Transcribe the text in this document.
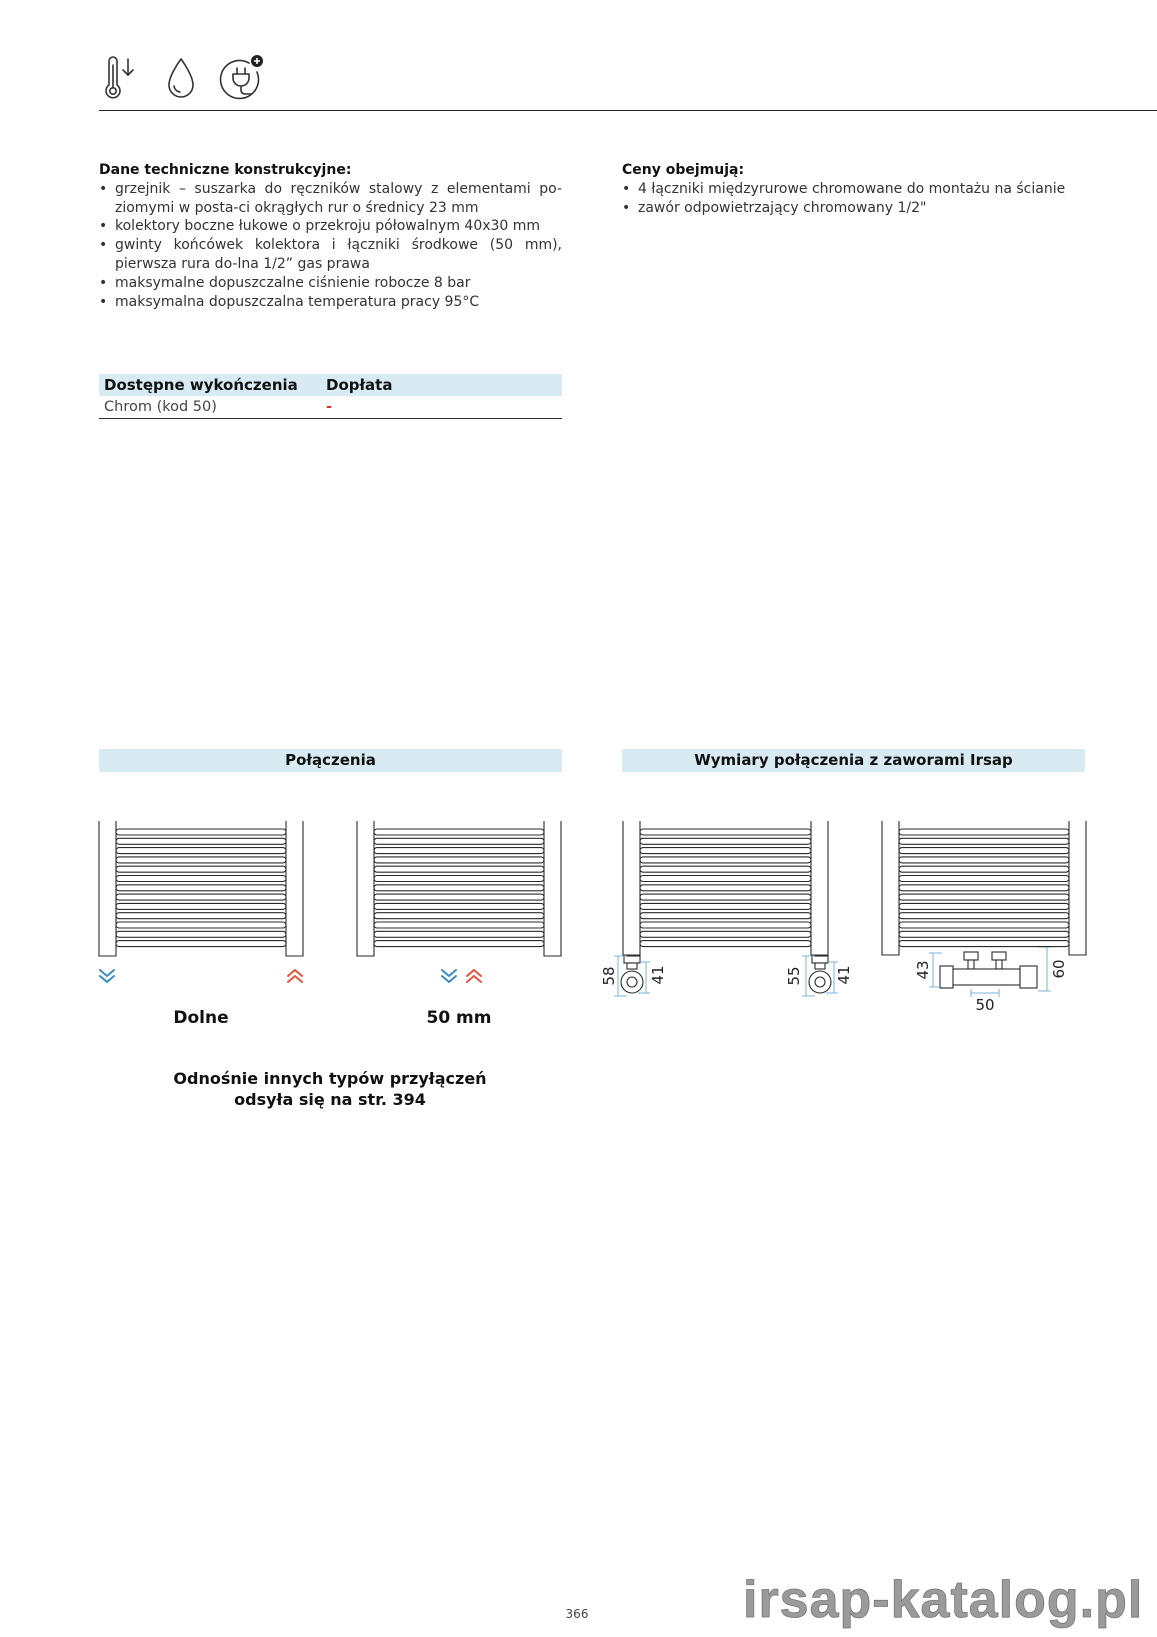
Dane techniczne konstrukcyjne:
• grzejnik – suszarka do ręczników stalowy z elementami po-
ziomymi w posta-ci okrągłych rur o średnicy 23 mm
• kolektory boczne łukowe o przekroju półowalnym 40x30 mm
• gwinty końcówek kolektora i łączniki środkowe (50 mm),
pierwsza rura do-lna 1/2” gas prawa
• maksymalne dopuszczalne ciśnienie robocze 8 bar
• maksymalna dopuszczalna temperatura pracy 95°C
Ceny obejmują:
• 4 łączniki międzyrurowe chromowane do montażu na ścianie
• zawór odpowietrzający chromowany 1/2"
Dostępne wykończenia	Dopłata
Chrom (kod 50)	-
Połączenia	Wymiary połączenia z zaworami Irsap
Dolne	50 mm
Odnośnie innych typów przyłączeń
odsyła się na str. 394
58 41	55 41	43	60
50
366	irsap-katalog.pl
